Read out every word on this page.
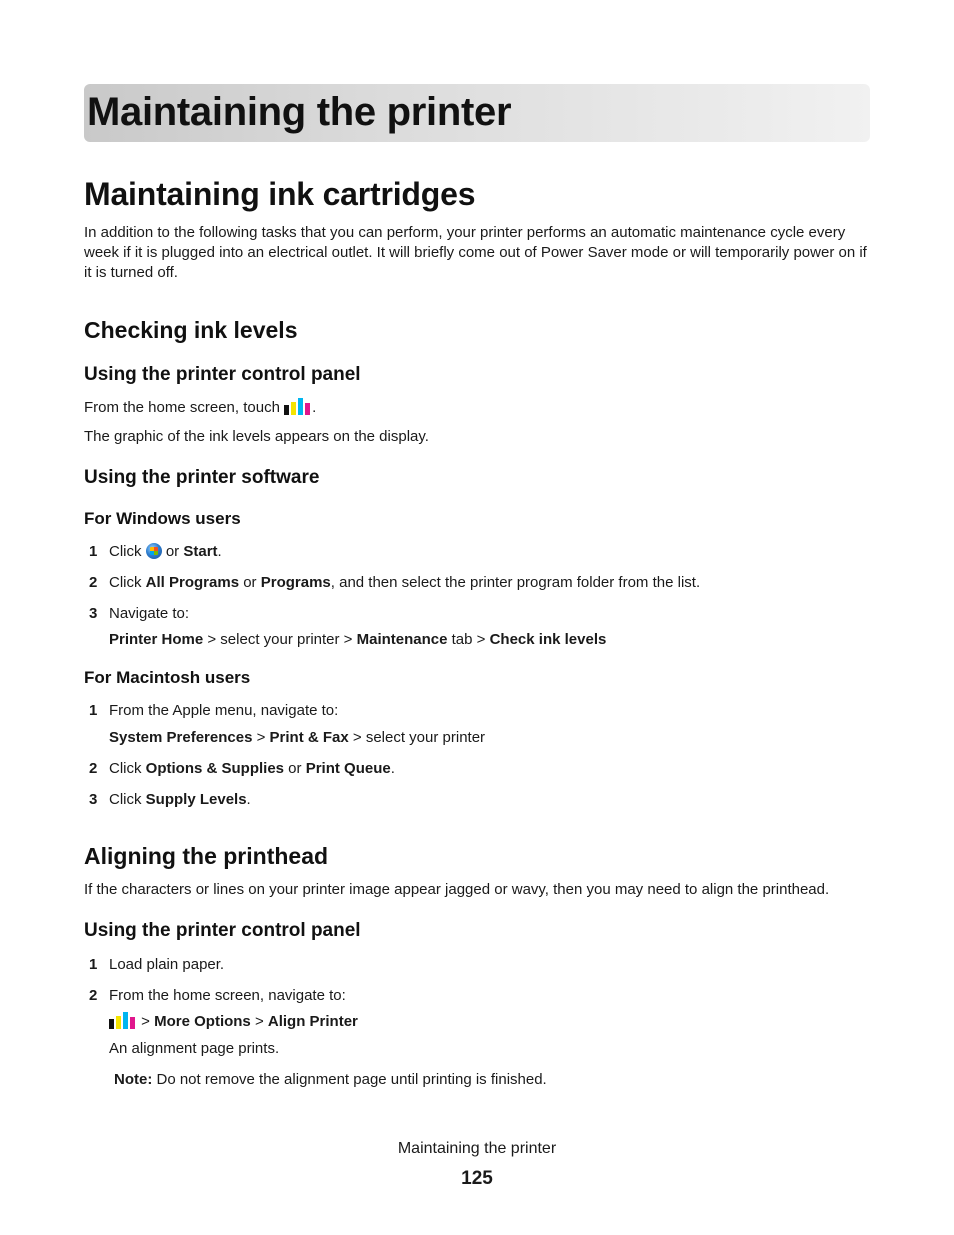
Maintaining the printer
Maintaining ink cartridges

In addition to the following tasks that you can perform, your printer performs an automatic maintenance cycle every week if it is plugged into an electrical outlet. It will briefly come out of Power Saver mode or will temporarily power on if it is turned off.

Checking ink levels
Using the printer control panel

From the home screen, touch
.

The graphic of the ink levels appears on the display.

Using the printer software
For Windows users
1 Click  or Start.

2 Click All Programs or Programs, and then select the printer program folder from the list.

3 Navigate to:

Printer Home > select your printer > Maintenance tab > Check ink levels

For Macintosh users
1 From the Apple menu, navigate to:

System Preferences > Print & Fax > select your printer

2 Click Options & Supplies or Print Queue.

3 Click Supply Levels.

Aligning the printhead

If the characters or lines on your printer image appear jagged or wavy, then you may need to align the printhead.

Using the printer control panel
1 Load plain paper.

2 From the home screen, navigate to:

> More Options > Align Printer

An alignment page prints.

Note: Do not remove the alignment page until printing is finished.

Maintaining the printer
125
